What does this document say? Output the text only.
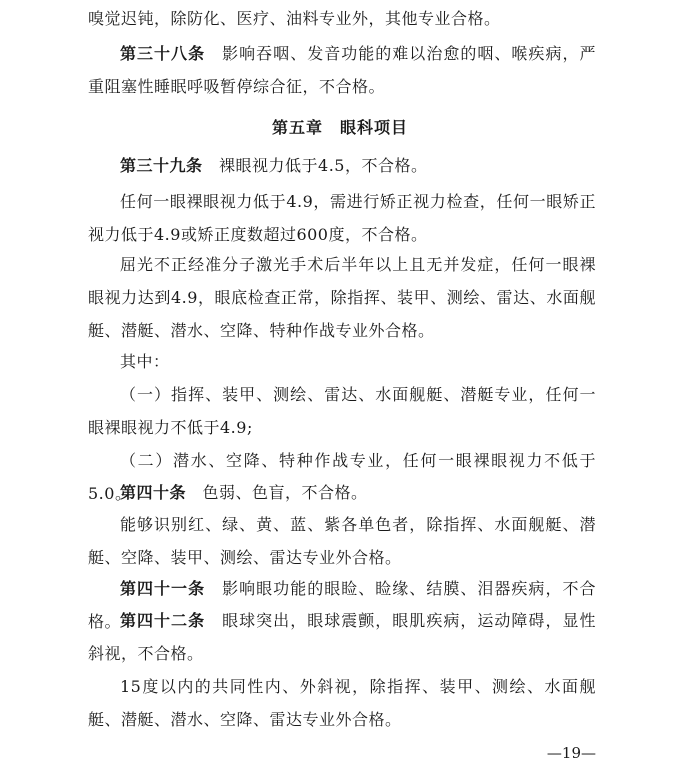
嗅觉迟钝，除防化、医疗、油料专业外，其他专业合格。
第三十八条　 影响吞咽、发音功能的难以治愈的咽、喉疾病，严重阻塞性睡眠呼吸暂停综合征，不合格。
第五章　眼科项目
第三十九条　 裸眼视力低于4.5，不合格。
任何一眼裸眼视力低于4.9，需进行矫正视力检查，任何一眼矫正视力低于4.9或矫正度数超过600度，不合格。
屈光不正经准分子激光手术后半年以上且无并发症，任何一眼裸眼视力达到4.9，眼底检查正常，除指挥、装甲、测绘、雷达、水面舰艇、潜艇、潜水、空降、特种作战专业外合格。
其中：
（一）指挥、装甲、测绘、雷达、水面舰艇、潜艇专业，任何一眼裸眼视力不低于4.9;
（二）潜水、空降、特种作战专业，任何一眼裸眼视力不低于5.0。
第四十条　 色弱、色盲，不合格。
能够识别红、绿、黄、蓝、紫各单色者，除指挥、水面舰艇、潜艇、空降、装甲、测绘、雷达专业外合格。
第四十一条　 影响眼功能的眼睑、睑缘、结膜、泪器疾病，不合格。
第四十二条　 眼球突出，眼球震颤，眼肌疾病，运动障碍，显性斜视，不合格。
15度以内的共同性内、外斜视，除指挥、装甲、测绘、水面舰艇、潜艇、潜水、空降、雷达专业外合格。
—19—
